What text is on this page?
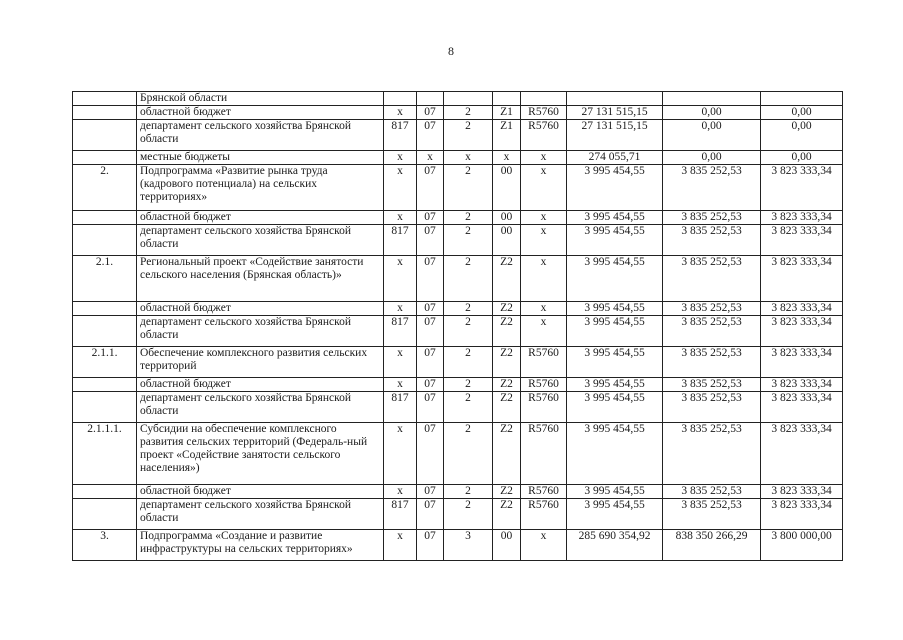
8
	Брянской области								
	областной бюджет	х	07	2	Z1	R5760	27 131 515,15	0,00	0,00
	департамент сельского хозяйства Брянской области	817	07	2	Z1	R5760	27 131 515,15	0,00	0,00
	местные бюджеты	х	х	х	х	х	274 055,71	0,00	0,00
2.	Подпрограмма «Развитие рынка труда (кадрового потенциала) на сельских территориях»	х	07	2	00	х	3 995 454,55	3 835 252,53	3 823 333,34
	областной бюджет	х	07	2	00	х	3 995 454,55	3 835 252,53	3 823 333,34
	департамент сельского хозяйства Брянской области	817	07	2	00	х	3 995 454,55	3 835 252,53	3 823 333,34
2.1.	Региональный проект «Содействие занятости сельского населения (Брянская область)»	х	07	2	Z2	х	3 995 454,55	3 835 252,53	3 823 333,34
	областной бюджет	х	07	2	Z2	х	3 995 454,55	3 835 252,53	3 823 333,34
	департамент сельского хозяйства Брянской области	817	07	2	Z2	х	3 995 454,55	3 835 252,53	3 823 333,34
2.1.1.	Обеспечение комплексного развития сельских территорий	х	07	2	Z2	R5760	3 995 454,55	3 835 252,53	3 823 333,34
	областной бюджет	х	07	2	Z2	R5760	3 995 454,55	3 835 252,53	3 823 333,34
	департамент сельского хозяйства Брянской области	817	07	2	Z2	R5760	3 995 454,55	3 835 252,53	3 823 333,34
2.1.1.1.	Субсидии на обеспечение комплексного развития сельских территорий (Федераль-ный проект «Содействие занятости сельского населения»)	х	07	2	Z2	R5760	3 995 454,55	3 835 252,53	3 823 333,34
	областной бюджет	х	07	2	Z2	R5760	3 995 454,55	3 835 252,53	3 823 333,34
	департамент сельского хозяйства Брянской области	817	07	2	Z2	R5760	3 995 454,55	3 835 252,53	3 823 333,34
3.	Подпрограмма «Создание и развитие инфраструктуры на сельских территориях»	х	07	3	00	х	285 690 354,92	838 350 266,29	3 800 000,00
